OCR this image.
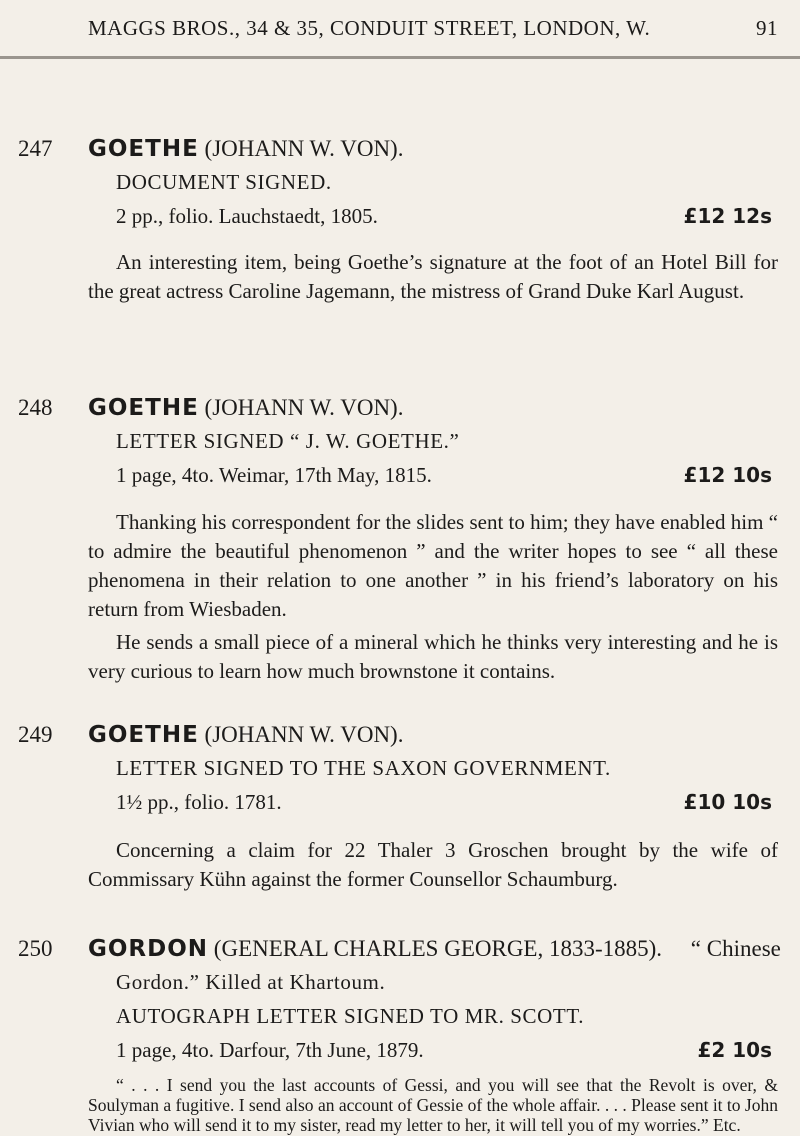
MAGGS BROS., 34 & 35, CONDUIT STREET, LONDON, W.	91
247 GOETHE (JOHANN W. VON).
DOCUMENT SIGNED.
2 pp., folio. Lauchstaedt, 1805.	£12 12s
An interesting item, being Goethe’s signature at the foot of an Hotel Bill for the great actress Caroline Jagemann, the mistress of Grand Duke Karl August.
248 GOETHE (JOHANN W. VON).
LETTER SIGNED “ J. W. GOETHE.”
1 page, 4to. Weimar, 17th May, 1815.	£12 10s
Thanking his correspondent for the slides sent to him; they have enabled him “ to admire the beautiful phenomenon ” and the writer hopes to see “ all these phenomena in their relation to one another ” in his friend’s laboratory on his return from Wiesbaden.
He sends a small piece of a mineral which he thinks very interesting and he is very curious to learn how much brownstone it contains.
249 GOETHE (JOHANN W. VON).
LETTER SIGNED TO THE SAXON GOVERNMENT.
1½ pp., folio. 1781.	£10 10s
Concerning a claim for 22 Thaler 3 Groschen brought by the wife of Commissary Kühn against the former Counsellor Schaumburg.
250 GORDON (GENERAL CHARLES GEORGE, 1833-1885).     “ Chinese
Gordon.” Killed at Khartoum.
AUTOGRAPH LETTER SIGNED TO MR. SCOTT.
1 page, 4to. Darfour, 7th June, 1879.	£2 10s
“ . . . I send you the last accounts of Gessi, and you will see that the Revolt is over, & Soulyman a fugitive. I send also an account of Gessie of the whole affair. . . . Please sent it to John Vivian who will send it to my sister, read my letter to her, it will tell you of my worries.” Etc.
